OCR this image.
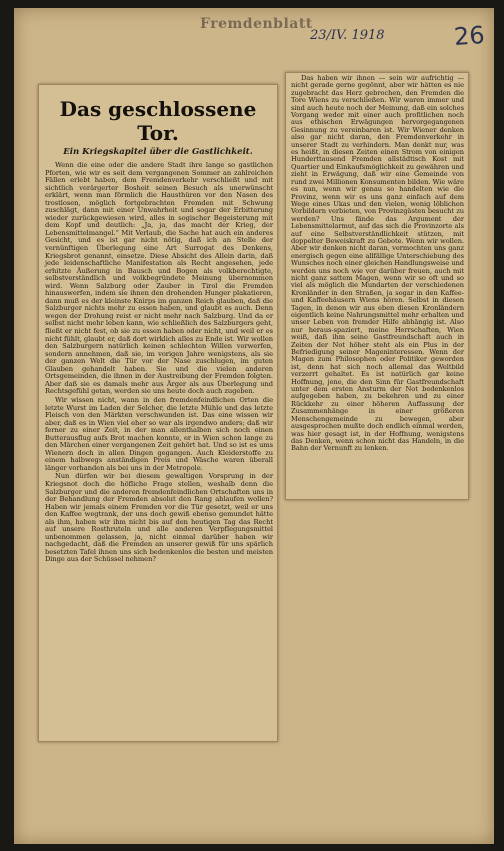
Fremdenblatt
23/IV. 1918	26
Das geschlossene Tor.
Ein Kriegskapitel über die Gastlichkeit.

Wenn die eine oder die andere Stadt ihre lange so gastlichen Pforten, wie wir es seit dem vergangenen Sommer an zahlreichen Fällen erlebt haben, dem Fremdenverkehr verschließt und mit sichtlich verärgerter Bosheit seinen Besuch als unerwünscht erklärt, wenn man förmlich die Hausthüren vor den Nasen des trostlosen, möglich fortgebrachten Fremden mit Schwung zuschlägt, dann mit einer Unwahrheit und sogar der Erbitterung wieder zurückgewiesen wird, alles in sogischer Begeisterung mit dem Kopf und deutlich: „Ja, ja, das macht der Krieg, der Lebensmittelmangel.“ Mit Verlaub, die Sache hat auch ein anderes Gesicht, und es ist gar nicht nötig, daß ich an Stelle der vernünftigen Überlegung eine Art Surrogat des Denkens, Kriegsbrot genannt, einsetze. Diese Absicht des Allein darin, daß jede leidenschaftliche Manifestation als Recht angesehen, jede erhitzte Äußerung in Bausch und Bogen als volkberechtigte, selbstverständlich und volkbegründete Meinung übernommen wird. Wenn Salzburg oder Zauber in Tirol die Fremden hinauswerfen, indem sie ihnen den drohenden Hunger plakatieren, dann muß es der kleinste Knirps im ganzen Reich glauben, daß die Salzburger nichts mehr zu essen haben, und glaubt es auch. Denn wegen der Drohung reist er nicht mehr nach Salzburg. Und da er selbst nicht mehr leben kann, wie schließlich des Salzburgers geht, fließt er nicht fest, ob sie zu essen haben oder nicht, und weil er es nicht fühlt, glaubt er, daß dort wirklich alles zu Ende ist. Wir wollen den Salzburgern natürlich keinen schlechten Willen vorwerfen, sondern annehmen, daß sie, im vorigen Jahre wenigstens, als sie der ganzen Welt die Tür vor der Nase zuschlugen, im guten Glauben gehandelt haben. Sie und die vielen anderen Ortsgemeinden, die ihnen in der Austreibung der Fremden folgten. Aber daß sie es damals mehr aus Ärger als aus Überlegung und Rechtsgefühl getan, werden sie uns heute doch auch zugeben.

Wir wissen nicht, wann in den fremdenfeindlichen Orten die letzte Wurst im Laden der Selcher, die letzte Mühle und das letzte Fleisch von den Märkten verschwunden ist. Das eine wissen wir aber, daß es in Wien viel eher so war als irgendwo anders; daß wir ferner zu einer Zeit, in der man allenthalben sich noch einen Butterausflug aufs Brot machen konnte, er in Wien schon lange zu den Märchen einer vergangenen Zeit gehört hat. Und so ist es ums Wienern doch in allen Dingen gegangen. Auch Kleiderstoffe zu einem halbwegs anständigen Preis und Wäsche waren überall länger vorhanden als bei uns in der Metropole.

Nun dürfen wir bei diesem gewaltigen Vorsprung in der Kriegsnot doch die höfliche Frage stellen, weshalb denn die Salzburger und die anderen fremdenfeindlichen Ortschaften uns in der Behandlung der Fremden absolut den Rang ablaufen wollen? Haben wir jemals einem Fremden vor die Tür gesetzt, weil er uns den Kaffee wegtrank, der uns doch gewiß ebenso gemundet hätte als ihm, haben wir ihm nicht bis auf den heutigen Tag das Recht auf unsere Rosthruteln und alle anderen Verpflegungsmittel unbenommen gelassen, ja, nicht einmal darüber haben wir nachgedacht, daß die Fremden an unserer gewiß für uns spärlich besetzten Tafel ihnen uns sich bedenkenlos die besten und meisten Dinge aus der Schüssel nehmen?

Das haben wir ihnen — sein wir aufrichtig — nicht gerade gerne gegönnt, aber wir hätten es nie zugebracht das Herz gebrochen, den Fremden die Tore Wiens zu verschließen. Wir waren immer und sind auch heute noch der Meinung, daß ein solches Vorgang weder mit einer auch profitlichen noch aus ethischen Erwägungen hervorgegangenen Gesinnung zu vereinbaren ist. Wir Wiener denken also gar nicht daran, den Fremdenverkehr in unserer Stadt zu verhindern. Man denkt nur, was es heißt, in diesen Zeiten einen Strom von einigen Hunderttausend Fremden allstädtisch Kost mit Quartier und Einkaufsmöglichkeit zu gewähren und zieht in Erwägung, daß wir eine Gemeinde von rund zwei Millionen Konsumenten bilden. Wie wäre es nun, wenn wir genau so handelten wie die Provinz, wenn wir es uns ganz einfach auf dem Wege eines Ukas und den vielen, wenig löblichen Vorbildern verbieten, von Provinzgästen besucht zu werden? Uns fände das Argument der Lebensmittelarmut, auf das sich die Provinzorte als auf eine Selbstverständlichkeit stützen, mit doppelter Beweiskraft zu Gebote. Wenn wir wollen. Aber wir denken nicht daran, vermochten uns ganz energisch gegen eine allfällige Unterschiebung des Wunsches noch einer gleichen Handlungsweise und werden uns noch wie vor darüber freuen, auch mit nicht ganz sattem Magen, wenn wir so oft und so viel als möglich die Mundarten der verschiedenen Kronländer in den Straßen, ja sogar in den Kaffee- und Kaffeehäusern Wiens hören. Selbst in diesen Tagen, in denen wir aus eben diesen Kronländern eigentlich keine Nahrungsmittel mehr erhalten und unser Leben von fremder Hilfe abhängig ist. Also nur heraus-spaziert, meine Herrschaften, Wien weiß, daß ihm seine Gastfreundschaft auch in Zeiten der Not höher steht als ein Plus in der Befriedigung seiner Mageninteressen. Wenn der Magen zum Philosophen oder Politiker geworden ist, denn hat sich noch allemal das Weltbild verzerrt gehaltet. Es ist natürlich gar keine Hoffnung, jene, die den Sinn für Gastfreundschaft unter dem ersten Ansturm der Not bedenkenlos aufgegeben haben, zu bekehren und zu einer Rückkehr zu einer höheren Auffassung der Zusammenhänge in einer größeren Menschengemeinde zu bewegen, aber ausgesprochen mußte doch endlich einmal werden, was hier gesagt ist, in der Hoffnung, wenigstens das Denken, wenn schon nicht das Handeln, in die Bahn der Vernunft zu lenken.
